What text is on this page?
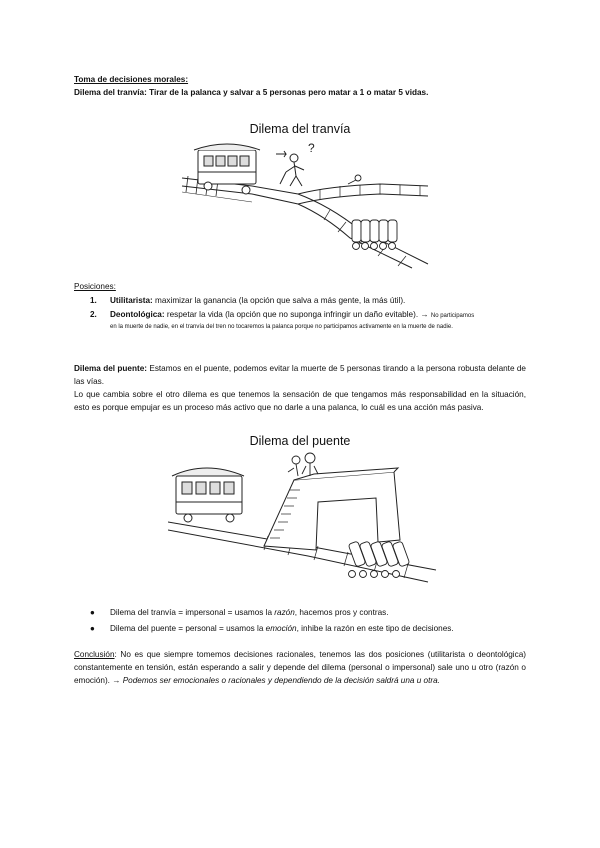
Toma de decisiones morales:
Dilema del tranvía: Tirar de la palanca y salvar a 5 personas pero matar a 1 o matar 5 vidas.
Dilema del tranvía
?
Posiciones:
1. Utilitarista: maximizar la ganancia (la opción que salva a más gente, la más útil).
2. Deontológica: respetar la vida (la opción que no suponga infringir un daño evitable). → No participamos
en la muerte de nadie, en el tranvía del tren no tocaremos la palanca porque no participamos activamente en la muerte de nadie.
Dilema del puente: Estamos en el puente, podemos evitar la muerte de 5 personas tirando a la persona robusta delante de las vías.
Lo que cambia sobre el otro dilema es que tenemos la sensación de que tengamos más responsabilidad en la situación, esto es porque empujar es un proceso más activo que no darle a una palanca, lo cuál es una acción más pasiva.
Dilema del puente
● Dilema del tranvía = impersonal = usamos la razón, hacemos pros y contras.
● Dilema del puente = personal = usamos la emoción, inhibe la razón en este tipo de decisiones.
Conclusión: No es que siempre tomemos decisiones racionales, tenemos las dos posiciones (utilitarista o deontológica) constantemente en tensión, están esperando a salir y depende del dilema (personal o impersonal) sale uno u otro (razón o emoción). → Podemos ser emocionales o racionales y dependiendo de la decisión saldrá una u otra.
